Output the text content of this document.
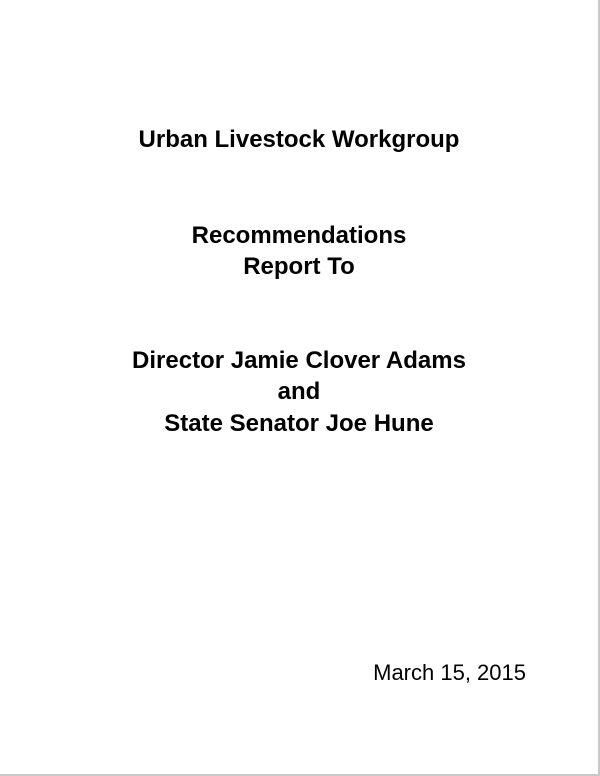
Urban Livestock Workgroup
Recommendations
Report To
Director Jamie Clover Adams
and
State Senator Joe Hune
March 15, 2015
